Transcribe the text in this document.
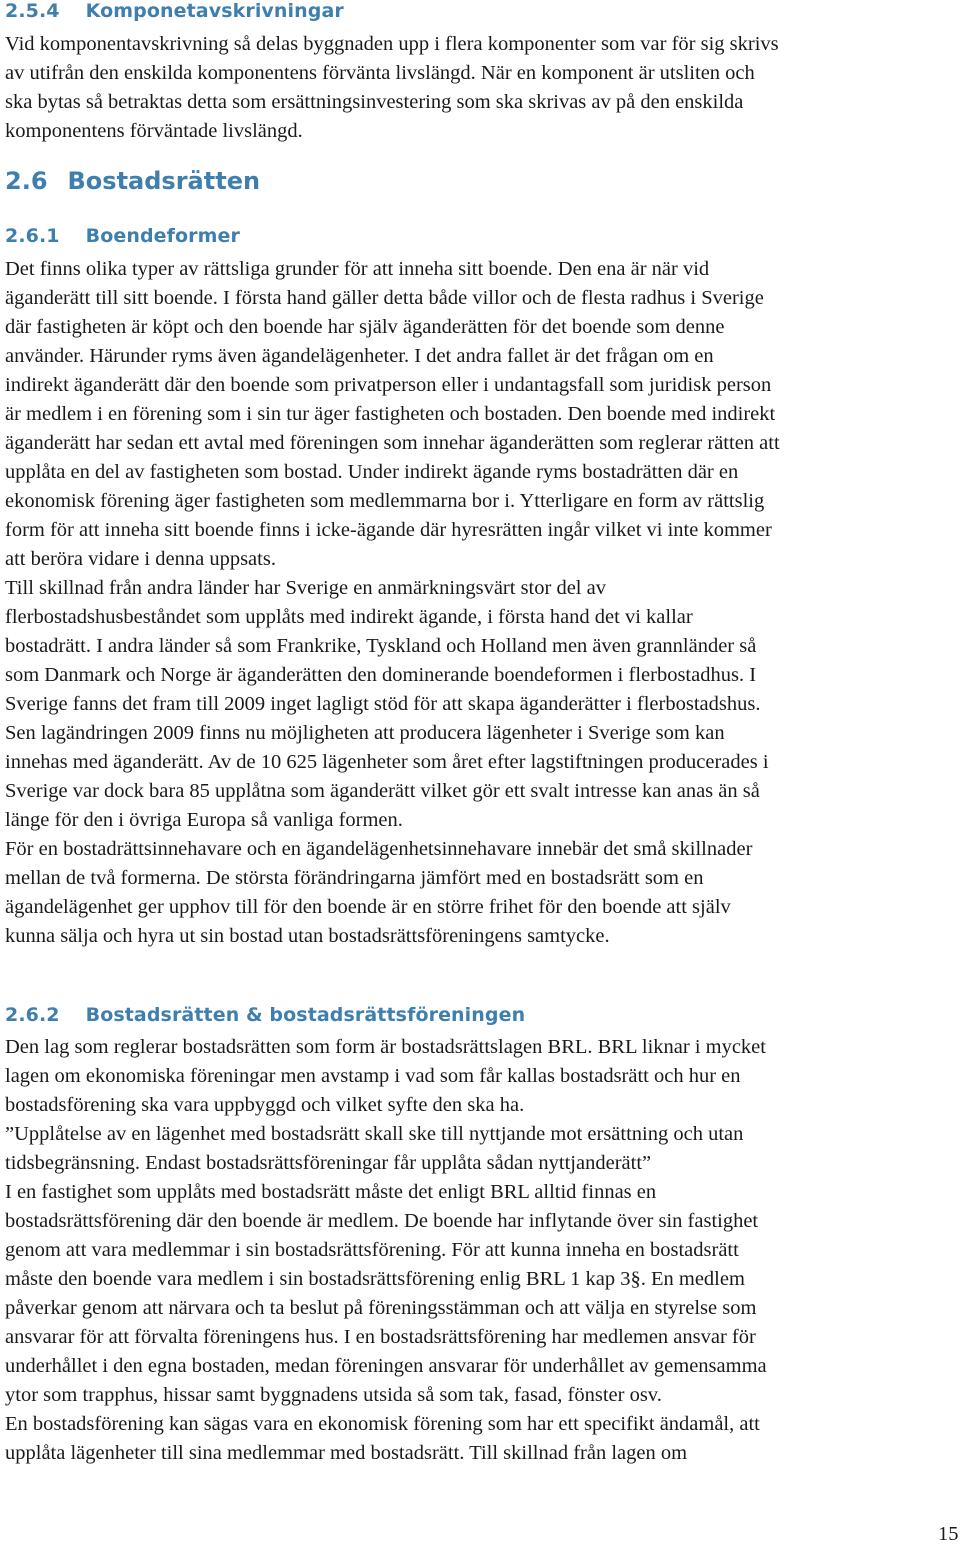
2.5.4 Komponetavskrivningar
Vid komponentavskrivning så delas byggnaden upp i flera komponenter som var för sig skrivs
av utifrån den enskilda komponentens förvänta livslängd. När en komponent är utsliten och
ska bytas så betraktas detta som ersättningsinvestering som ska skrivas av på den enskilda
komponentens förväntade livslängd.
2.6 Bostadsrätten
2.6.1 Boendeformer
Det finns olika typer av rättsliga grunder för att inneha sitt boende. Den ena är när vid
äganderätt till sitt boende. I första hand gäller detta både villor och de flesta radhus i Sverige
där fastigheten är köpt och den boende har själv äganderätten för det boende som denne
använder. Härunder ryms även ägandelägenheter. I det andra fallet är det frågan om en
indirekt äganderätt där den boende som privatperson eller i undantagsfall som juridisk person
är medlem i en förening som i sin tur äger fastigheten och bostaden. Den boende med indirekt
äganderätt har sedan ett avtal med föreningen som innehar äganderätten som reglerar rätten att
upplåta en del av fastigheten som bostad. Under indirekt ägande ryms bostadrätten där en
ekonomisk förening äger fastigheten som medlemmarna bor i. Ytterligare en form av rättslig
form för att inneha sitt boende finns i icke-ägande där hyresrätten ingår vilket vi inte kommer
att beröra vidare i denna uppsats.
Till skillnad från andra länder har Sverige en anmärkningsvärt stor del av
flerbostadshusbeståndet som upplåts med indirekt ägande, i första hand det vi kallar
bostadrätt. I andra länder så som Frankrike, Tyskland och Holland men även grannländer så
som Danmark och Norge är äganderätten den dominerande boendeformen i flerbostadhus. I
Sverige fanns det fram till 2009 inget lagligt stöd för att skapa äganderätter i flerbostadshus.
Sen lagändringen 2009 finns nu möjligheten att producera lägenheter i Sverige som kan
innehas med äganderätt. Av de 10 625 lägenheter som året efter lagstiftningen producerades i
Sverige var dock bara 85 upplåtna som äganderätt vilket gör ett svalt intresse kan anas än så
länge för den i övriga Europa så vanliga formen.
För en bostadrättsinnehavare och en ägandelägenhetsinnehavare innebär det små skillnader
mellan de två formerna. De största förändringarna jämfört med en bostadsrätt som en
ägandelägenhet ger upphov till för den boende är en större frihet för den boende att själv
kunna sälja och hyra ut sin bostad utan bostadsrättsföreningens samtycke.
2.6.2 Bostadsrätten & bostadsrättsföreningen
Den lag som reglerar bostadsrätten som form är bostadsrättslagen BRL. BRL liknar i mycket
lagen om ekonomiska föreningar men avstamp i vad som får kallas bostadsrätt och hur en
bostadsförening ska vara uppbyggd och vilket syfte den ska ha.
”Upplåtelse av en lägenhet med bostadsrätt skall ske till nyttjande mot ersättning och utan
tidsbegränsning. Endast bostadsrättsföreningar får upplåta sådan nyttjanderätt”
I en fastighet som upplåts med bostadsrätt måste det enligt BRL alltid finnas en
bostadsrättsförening där den boende är medlem. De boende har inflytande över sin fastighet
genom att vara medlemmar i sin bostadsrättsförening. För att kunna inneha en bostadsrätt
måste den boende vara medlem i sin bostadsrättsförening enlig BRL 1 kap 3§. En medlem
påverkar genom att närvara och ta beslut på föreningsstämman och att välja en styrelse som
ansvarar för att förvalta föreningens hus. I en bostadsrättsförening har medlemen ansvar för
underhållet i den egna bostaden, medan föreningen ansvarar för underhållet av gemensamma
ytor som trapphus, hissar samt byggnadens utsida så som tak, fasad, fönster osv.
En bostadsförening kan sägas vara en ekonomisk förening som har ett specifikt ändamål, att
upplåta lägenheter till sina medlemmar med bostadsrätt. Till skillnad från lagen om
15
